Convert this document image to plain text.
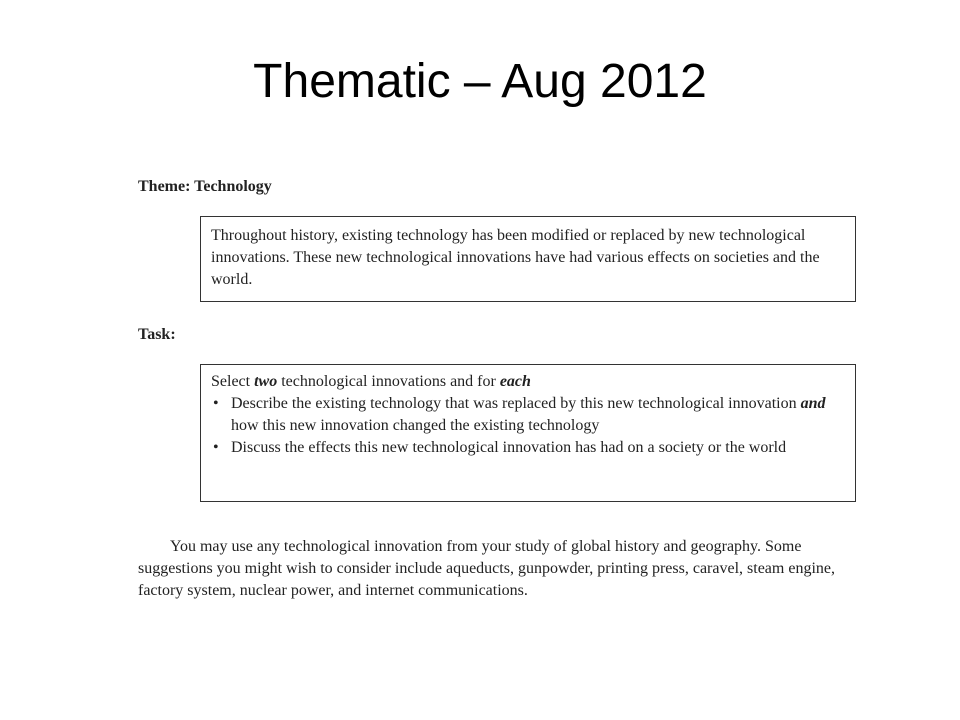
Thematic – Aug 2012
Theme: Technology
Throughout history, existing technology has been modified or replaced by new technological innovations. These new technological innovations have had various effects on societies and the world.
Task:
Select two technological innovations and for each
• Describe the existing technology that was replaced by this new technological innovation and how this new innovation changed the existing technology
• Discuss the effects this new technological innovation has had on a society or the world
You may use any technological innovation from your study of global history and geography. Some suggestions you might wish to consider include aqueducts, gunpowder, printing press, caravel, steam engine, factory system, nuclear power, and internet communications.
